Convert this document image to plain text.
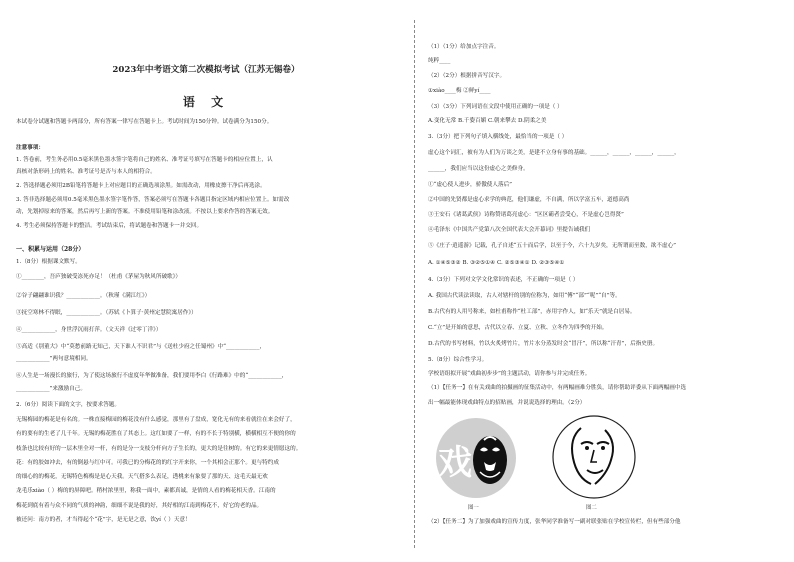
2023年中考语文第二次模拟考试（江苏无锡卷）
语 文
本试卷分试题和答题卡两部分，所有答案一律写在答题卡上。考试时间为150分钟。试卷满分为150分。
注意事项：
1. 答卷前，考生务必用0.5毫米黑色墨水签字笔将自己的姓名、准考证号填写在答题卡的相应位置上，认
真核对条形码上的姓名、准考证号是否与本人的相符合。
2. 答选择题必须用2B铅笔将答题卡上对应题目的正确选项涂黑。如需改动，用橡皮擦干净后再选涂。
3. 答非选择题必须用0.5毫米黑色墨水签字笔作答，答案必须写在答题卡各题目指定区域内相应位置上。如需改
动，先划掉原来的答案，然后再写上新的答案。不准使用铅笔和涂改液。不按以上要求作答的答案无效。
4. 考生必须保持答题卡的整洁。考试结束后，将试题卷和答题卡一并交回。
一、积累与运用（28分）
1.（8分）根据课文默写。
①________，吾庐独破受冻死亦足！（杜甫《茅屋为秋风所破歌》）
②谷子翩翩谁识我？____________。（秋瑾《满江红》）
③抚空寒林不得眠，____________。（苏轼《卜算子·黄州定慧院寓居作》）
④____________，身世浮沉雨打萍。（文天祥《过零丁洋》）
⑤高适《别董大》中“莫愁前路无知己，天下谁人不识君”与《送杜少府之任蜀州》中“____________，
____________”两句意境相同。
⑥人生是一场漫长的旅行，为了使这场旅行不虚度年华做准备，我们要用李白《行路难》中的“____________，
____________”来激励自己。
2.（6分）阅读下面的文字，按要求答题。
无锡梅园的梅花是有名的。一株直接梅园的梅花没有什么感觉，那里有了盘成，宽化无有的来看就往在来会好了，
有的要有的生老了几千年。无锡的梅花胜在了其态上。这红如要了一样，有的不长于特别横，横横相互不便的你的
枝条也比较有好的一层木里全对一杆，有的是分一支枝分杆向方子生长的，更大的是往树的。有它的来更情愿这的。
花：有的胶如冲去，有的倒悬与红中可。可我已的分梅花的的红字开来你，一个其相会正那个。更与特约成
的细心的的梅花，无锡特色梅梅是是心天我。天气搭多么表足，透桃来有象要了那的天、这毛天最无欢
龙毛乐xiào（ ）梅的的屏障吧。稍村浓里里，称我一面中，素都真诚，是情的人看的梅花相天香。江南的
梅花到底有着与众不同的气质的神韵，细细不说是我的好，其好相的江南到梅花不，好它的老的品。
被还问：南方的者，才当得起个“花”字，是无是之意，饮yí（ ）天意！
（1）（1分）给加点字注音。
纯粹____
（2）（2分）根据拼音写汉字。
①xiào____梅 ②鲜yí____
（3）（3分）下列词语在文段中使用正确的一项是（ ）
A.变化无常 B.千姿百媚 C.朝来攀去 D.阴柔之美
3.（3分）把下列句子填入横线处，最恰当的一项是（ ）
虚心这个词汇，被有为人们为万谈之美，是建不立身有事的基础。______，______，______，______，
______，我们应当以这份虚心之美修身。
①“虚心使人进步，骄傲使人落后”
②中国的先贤都是虚心求学的典范，他们谦虚，不自满，所以学富五车，道德高尚
③王安石《诸葛武侯》诗称赞诸葛亮虚心：“区区霸者尝受心，不是虚心岂得贤”
④毛泽东《中国共产党第八次全国代表大会开幕词》里提告诫我们
⑤《庄子·逍遥游》记载，孔子自述“五十而后学，以至于今，六十九岁矣，无所谓而至数，欲不虚心”
A. ①④⑤③② B. ③②⑤①④ C. ②⑤③④① D. ②③⑤④①
4.（3分）下列对文学文化常识的表述，不正确的一项是（ ）
A. 我国古代读法读取，古人对辖杆的别的位称为，如用“傅”“部”“呢”“自”等。
B.古代有的人用号称来，如杜甫称作“杜工部”，赤用字作人，如“乐天”就是白居易。
C.“立”是开始的意思，古代以立春、立夏、立秋、立冬作为四季的开始。
D.古代的书写材料，竹以火炙烤竹片，竹片水分蒸发时会“冒汗”，所以称“汗青”，后指史册。
5.（8分）综合性学习。
学校语组拟开展“戏曲初步步”的主题活动，请你参与并完成任务。
（1）【任务一】在有关戏曲的拍摄画的征集活动中，有两幅画难分胜负，请你帮助评委从下面两幅画中选
出一幅最能体现戏曲特点的招贴画，并说说选择的理由。（2分）
戏
图一	图二
（2）【任务二】为了加强戏曲的宣传力度，张华同学准备写一副对联张贴在学校宣传栏，但有些部分他
